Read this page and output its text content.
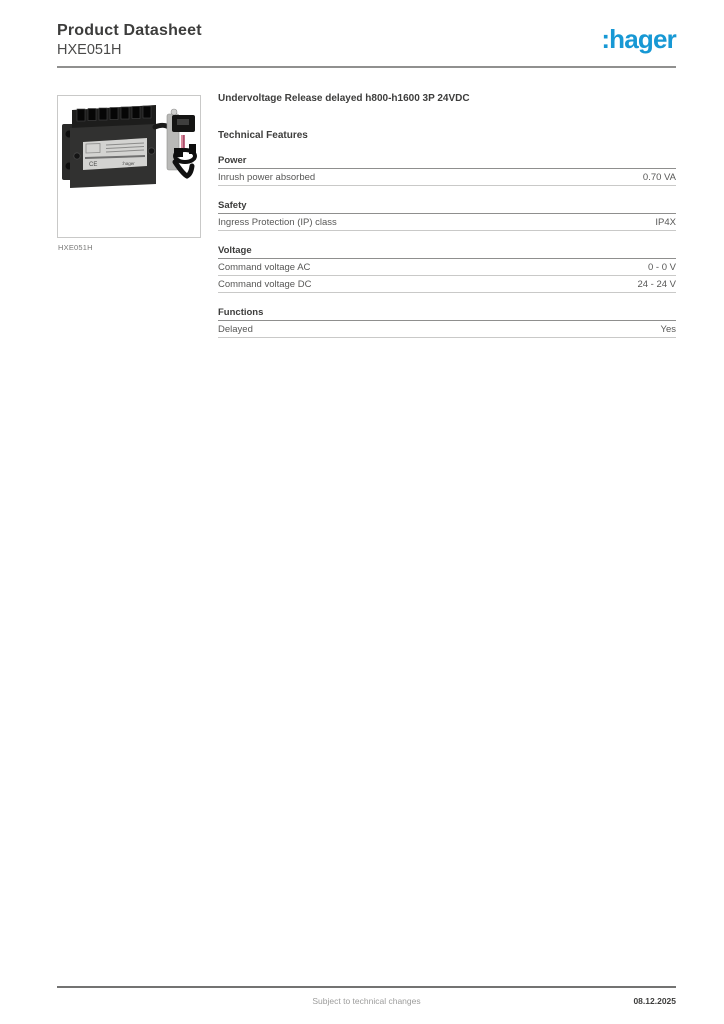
Product Datasheet
HXE051H	:hager
CE	:hager
HXE051H
Undervoltage Release delayed h800-h1600 3P 24VDC
Technical Features
Power
Inrush power absorbed	0.70 VA
Safety
Ingress Protection (IP) class	IP4X
Voltage
Command voltage AC	0 - 0 V
Command voltage DC	24 - 24 V
Functions
Delayed	Yes
Subject to technical changes	08.12.2025
